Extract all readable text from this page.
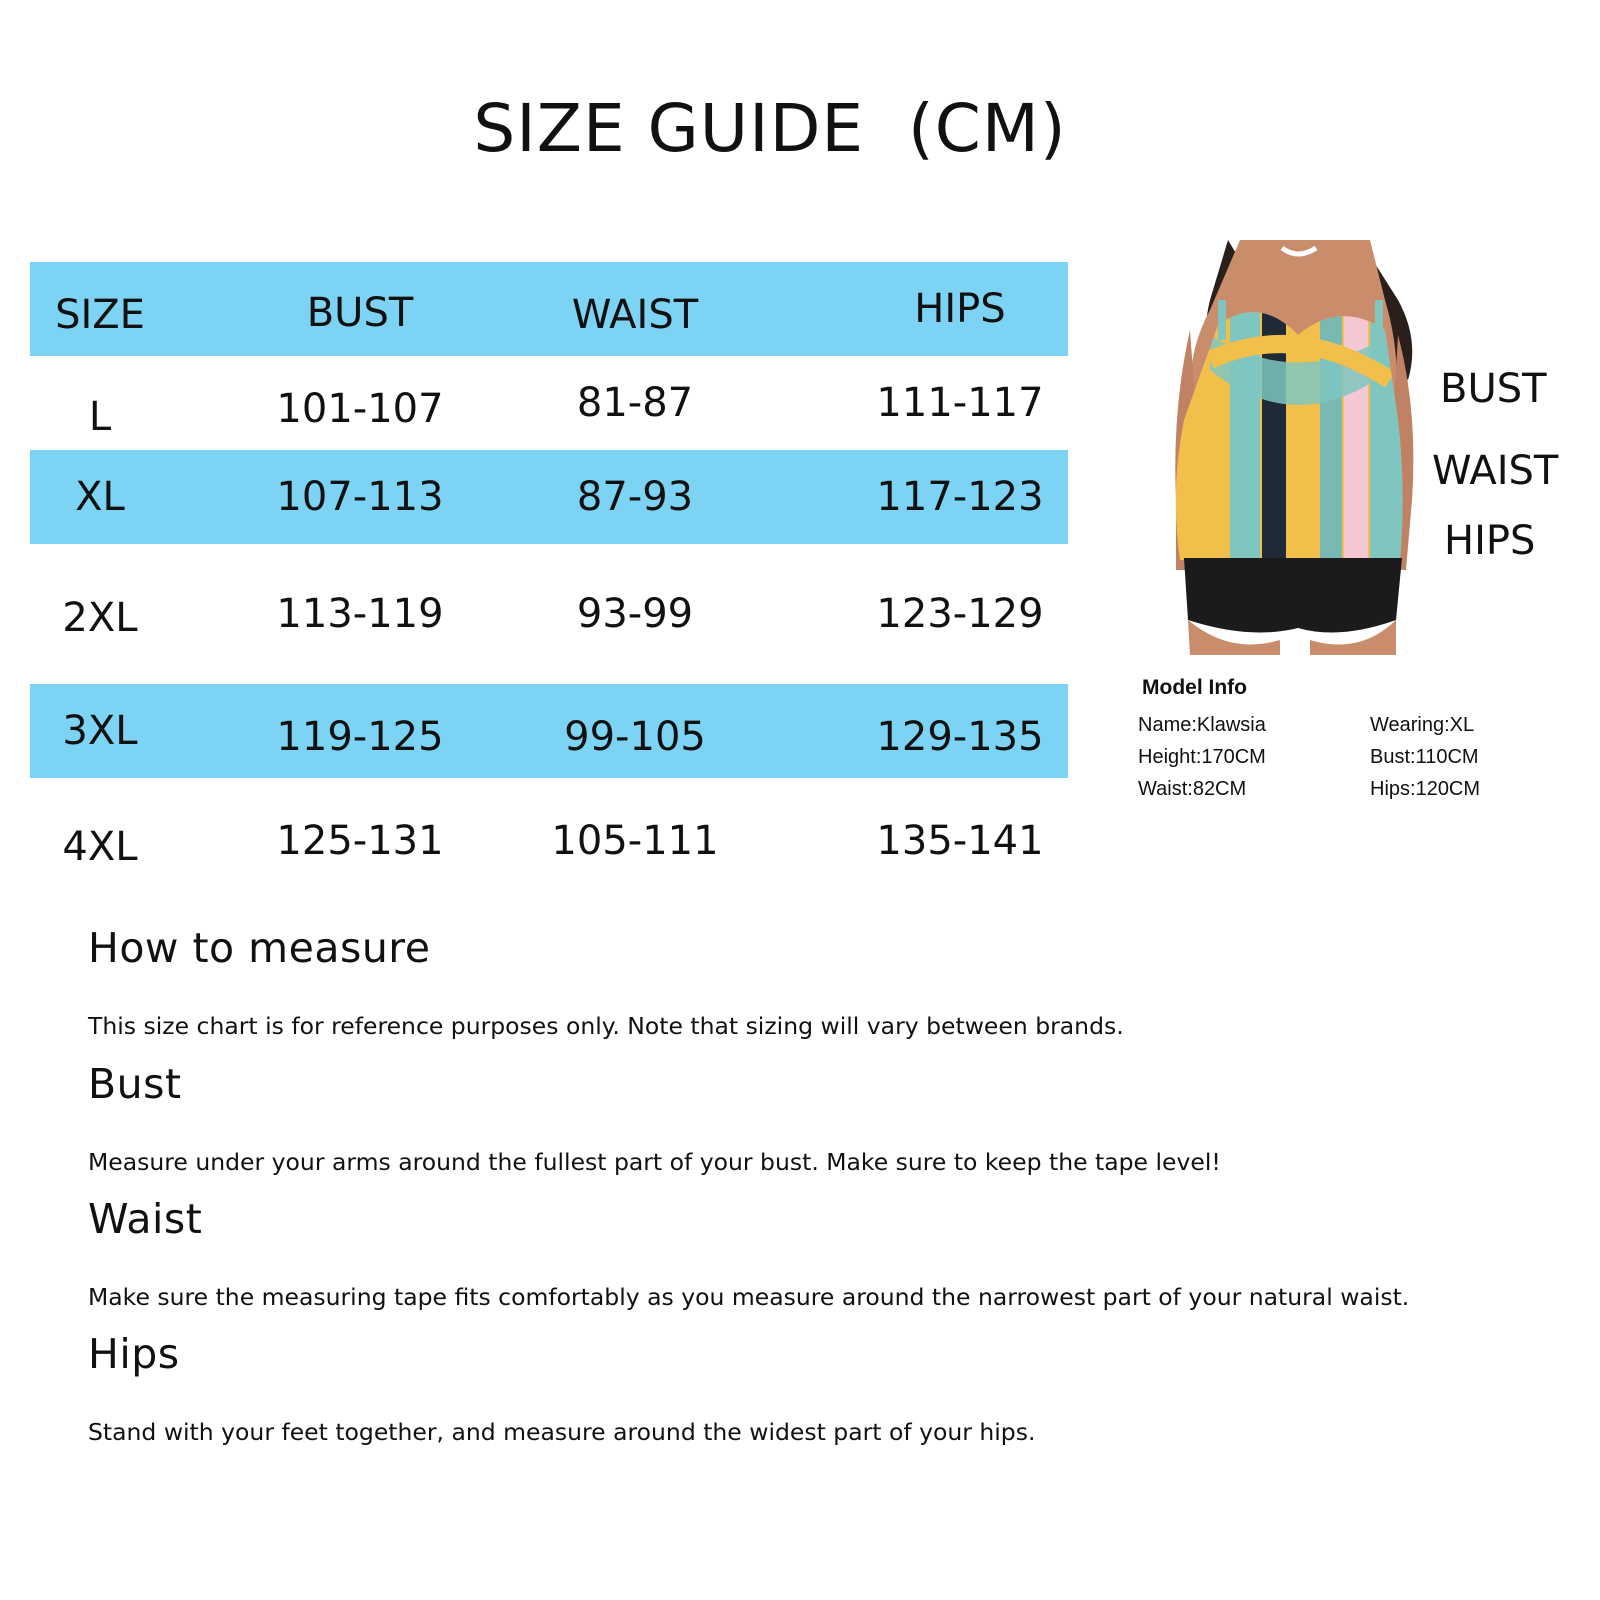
SIZE GUIDE  (CM)
SIZE	BUST	WAIST	HIPS
L	101-107	81-87	111-117
XL	107-113	87-93	117-123
2XL	113-119	93-99	123-129
3XL	119-125	99-105	129-135
4XL	125-131	105-111	135-141
BUST
WAIST
HIPS
Model Info
Name:Klawsia
Height:170CM
Waist:82CM
Wearing:XL
Bust:110CM
Hips:120CM
How to measure

This size chart is for reference purposes only. Note that sizing will vary between brands.

Bust

Measure under your arms around the fullest part of your bust. Make sure to keep the tape level!

Waist

Make sure the measuring tape fits comfortably as you measure around the narrowest part of your natural waist.

Hips

Stand with your feet together, and measure around the widest part of your hips.
